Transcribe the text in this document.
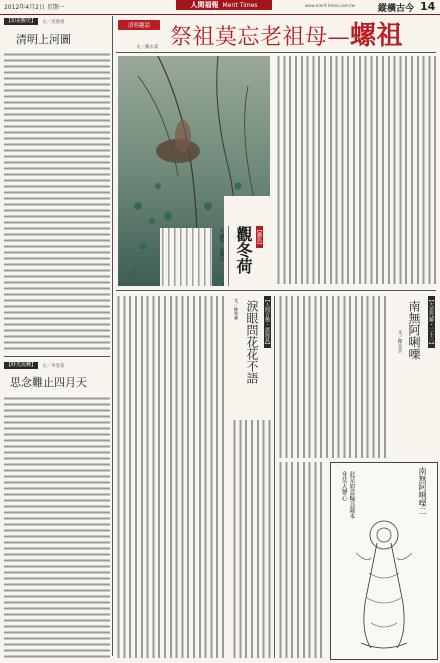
2012年4月2日 星期一	人間福報 Merit Times	www.merit-times.com.tw	縱橫古今 14
【如是觀史】	文／余進發
清明上河圖
【時光流轉】	文／李壹泰
思念難止四月天
清明趣話 祭祖莫忘老祖母—螺祖
文／戴永夏
【攝影】
觀冬荷
文·攝影／吳興文
【人間百態・談源意】
淚眼問花花不語
文／林秀華	【大悲咒解・二十三】
南無阿唎㗚
文／釋永芸
南無阿唎㗚二
此是如意輪菩薩本身莫大聲心
